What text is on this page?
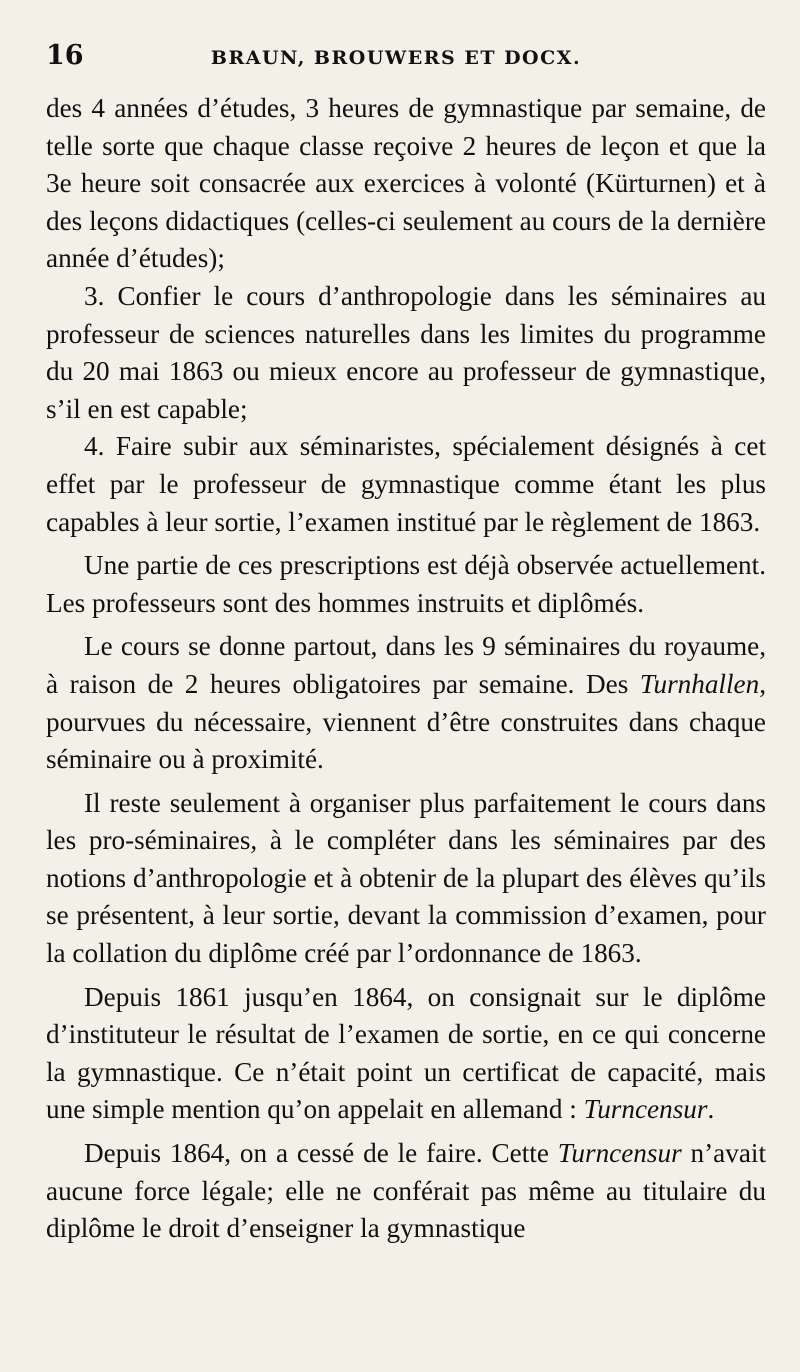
16	BRAUN, BROUWERS ET DOCX.

des 4 années d’études, 3 heures de gymnastique par semaine, de telle sorte que chaque classe reçoive 2 heures de leçon et que la 3e heure soit consacrée aux exercices à volonté (Kürturnen) et à des leçons didactiques (celles-ci seulement au cours de la dernière année d’études);

3. Confier le cours d’anthropologie dans les séminaires au professeur de sciences naturelles dans les limites du programme du 20 mai 1863 ou mieux encore au professeur de gymnastique, s’il en est capable;

4. Faire subir aux séminaristes, spécialement désignés à cet effet par le professeur de gymnastique comme étant les plus capables à leur sortie, l’examen institué par le règlement de 1863.

Une partie de ces prescriptions est déjà observée actuellement. Les professeurs sont des hommes instruits et diplômés.

Le cours se donne partout, dans les 9 séminaires du royaume, à raison de 2 heures obligatoires par semaine. Des Turnhallen, pourvues du nécessaire, viennent d’être construites dans chaque séminaire ou à proximité.

Il reste seulement à organiser plus parfaitement le cours dans les pro-séminaires, à le compléter dans les séminaires par des notions d’anthropologie et à obtenir de la plupart des élèves qu’ils se présentent, à leur sortie, devant la commission d’examen, pour la collation du diplôme créé par l’ordonnance de 1863.

Depuis 1861 jusqu’en 1864, on consignait sur le diplôme d’instituteur le résultat de l’examen de sortie, en ce qui concerne la gymnastique. Ce n’était point un certificat de capacité, mais une simple mention qu’on appelait en allemand : Turncensur.

Depuis 1864, on a cessé de le faire. Cette Turncensur n’avait aucune force légale; elle ne conférait pas même au titulaire du diplôme le droit d’enseigner la gymnastique
